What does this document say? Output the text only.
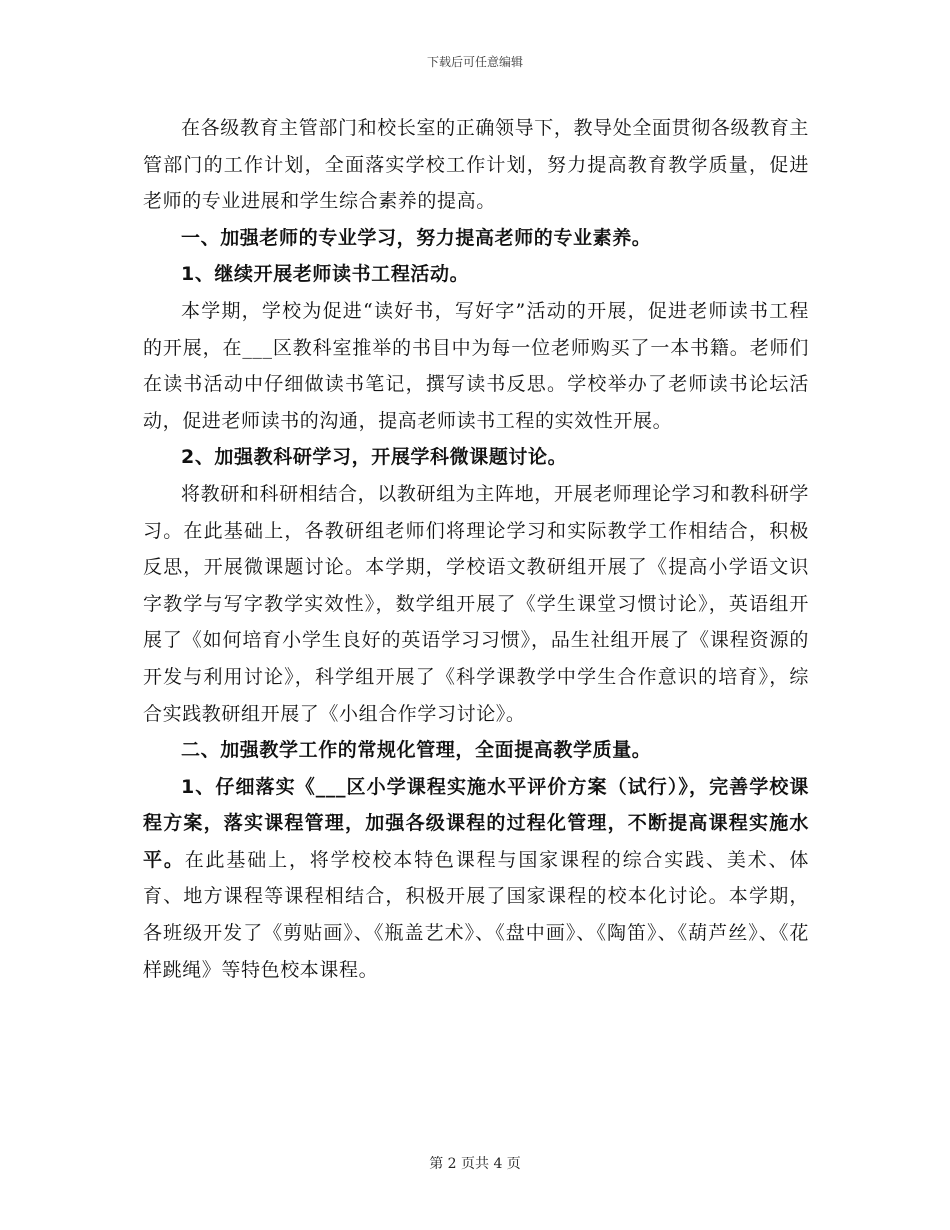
下载后可任意编辑

在各级教育主管部门和校长室的正确领导下，教导处全面贯彻各级教育主管部门的工作计划，全面落实学校工作计划，努力提高教育教学质量，促进老师的专业进展和学生综合素养的提高。

一、加强老师的专业学习，努力提高老师的专业素养。

1、继续开展老师读书工程活动。

本学期，学校为促进“读好书，写好字”活动的开展，促进老师读书工程的开展，在___区教科室推举的书目中为每一位老师购买了一本书籍。老师们在读书活动中仔细做读书笔记，撰写读书反思。学校举办了老师读书论坛活动，促进老师读书的沟通，提高老师读书工程的实效性开展。

2、加强教科研学习，开展学科微课题讨论。

将教研和科研相结合，以教研组为主阵地，开展老师理论学习和教科研学习。在此基础上，各教研组老师们将理论学习和实际教学工作相结合，积极反思，开展微课题讨论。本学期，学校语文教研组开展了《提高小学语文识字教学与写字教学实效性》，数学组开展了《学生课堂习惯讨论》，英语组开展了《如何培育小学生良好的英语学习习惯》，品生社组开展了《课程资源的开发与利用讨论》，科学组开展了《科学课教学中学生合作意识的培育》，综合实践教研组开展了《小组合作学习讨论》。

二、加强教学工作的常规化管理，全面提高教学质量。

1、仔细落实《___区小学课程实施水平评价方案（试行）》，完善学校课程方案，落实课程管理，加强各级课程的过程化管理，不断提高课程实施水平。在此基础上，将学校校本特色课程与国家课程的综合实践、美术、体育、地方课程等课程相结合，积极开展了国家课程的校本化讨论。本学期，各班级开发了《剪贴画》、《瓶盖艺术》、《盘中画》、《陶笛》、《葫芦丝》、《花样跳绳》等特色校本课程。

第 2 页共 4 页
